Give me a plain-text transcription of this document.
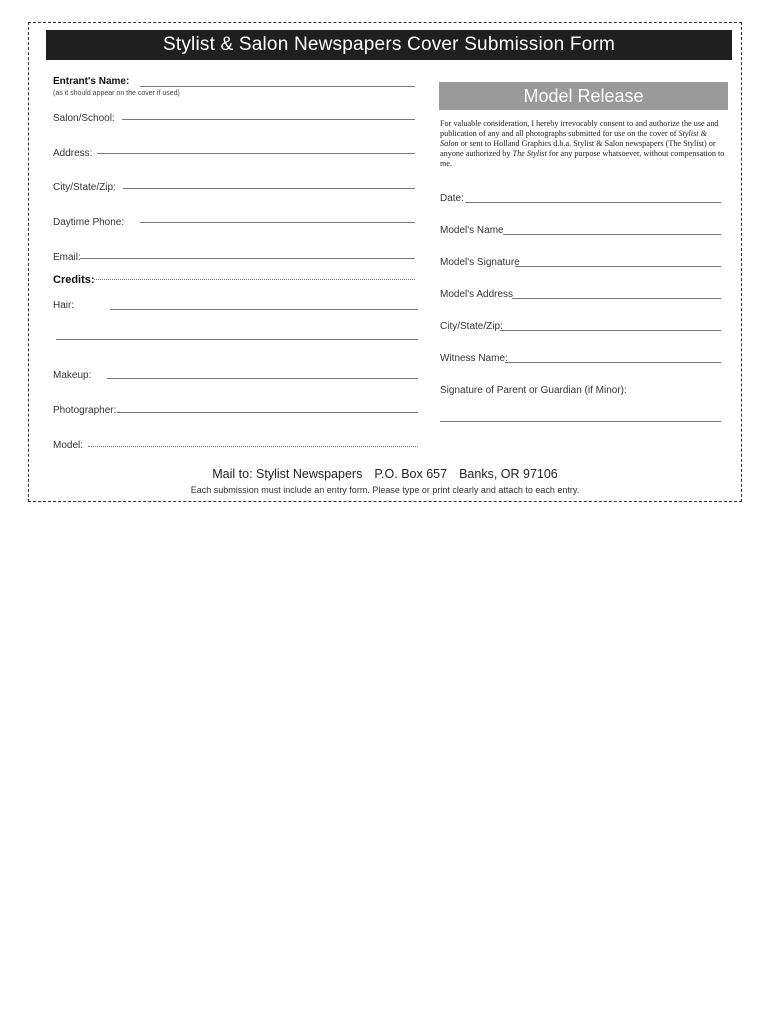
Stylist & Salon Newspapers Cover Submission Form
Entrant's Name:
(as it should appear on the cover if used)
Salon/School:
Address:
City/State/Zip:
Daytime Phone:
Email:
Credits:
Hair:
Makeup:
Photographer:
Model:
Model Release
For valuable consideration, I hereby irrevocably consent to and authorize the use and publication of any and all photographs submitted for use on the cover of Stylist & Salon or sent to Holland Graphics d.b.a. Stylist & Salon newspapers (The Stylist) or anyone authorized by The Stylist for any purpose whatsoever, without compensation to me.
Date:
Model's Name
Model's Signature
Model's Address
City/State/Zip:
Witness Name:
Signature of Parent or Guardian (if Minor):
Mail to: Stylist Newspapers P.O. Box 657 Banks, OR 97106
Each submission must include an entry form. Please type or print clearly and attach to each entry.
